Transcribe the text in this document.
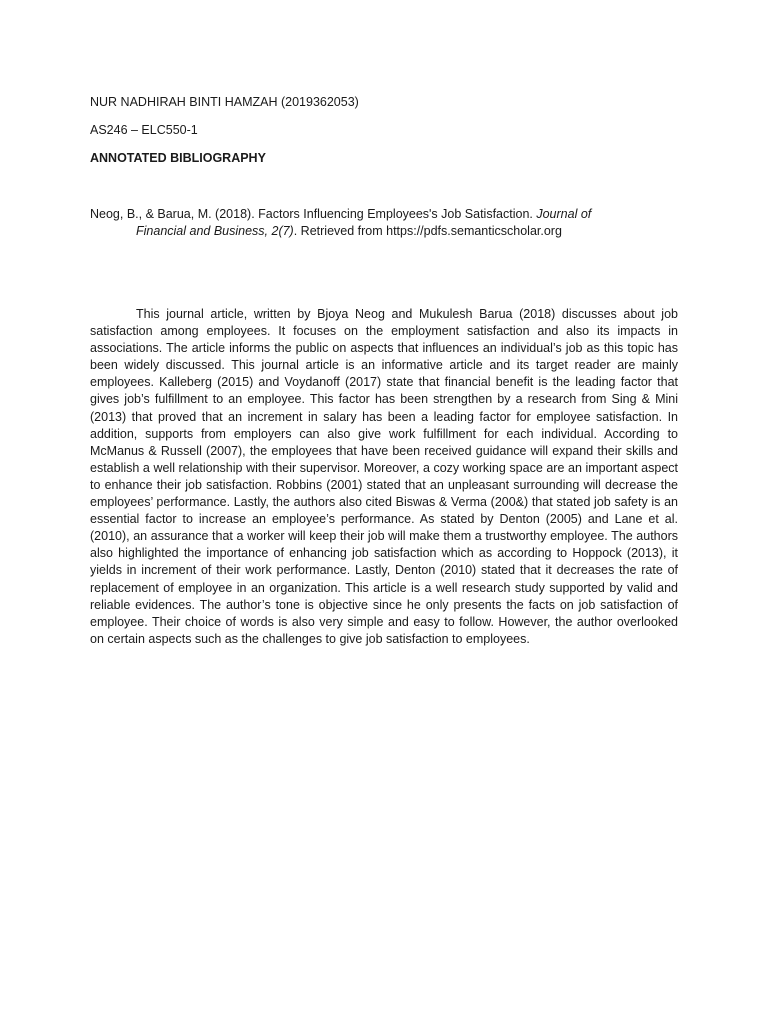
NUR NADHIRAH BINTI HAMZAH (2019362053)
AS246 – ELC550-1
ANNOTATED BIBLIOGRAPHY
Neog, B., & Barua, M. (2018). Factors Influencing Employees's Job Satisfaction. Journal of
Financial and Business, 2(7). Retrieved from https://pdfs.semanticscholar.org

This journal article, written by Bjoya Neog and Mukulesh Barua (2018) discusses about job satisfaction among employees. It focuses on the employment satisfaction and also its impacts in associations. The article informs the public on aspects that influences an individual’s job as this topic has been widely discussed. This journal article is an informative article and its target reader are mainly employees. Kalleberg (2015) and Voydanoff (2017) state that financial benefit is the leading factor that gives job’s fulfillment to an employee. This factor has been strengthen by a research from Sing & Mini (2013) that proved that an increment in salary has been a leading factor for employee satisfaction. In addition, supports from employers can also give work fulfillment for each individual. According to McManus & Russell (2007), the employees that have been received guidance will expand their skills and establish a well relationship with their supervisor. Moreover, a cozy working space are an important aspect to enhance their job satisfaction. Robbins (2001) stated that an unpleasant surrounding will decrease the employees’ performance. Lastly, the authors also cited Biswas & Verma (200&) that stated job safety is an essential factor to increase an employee’s performance. As stated by Denton (2005) and Lane et al. (2010), an assurance that a worker will keep their job will make them a trustworthy employee. The authors also highlighted the importance of enhancing job satisfaction which as according to Hoppock (2013), it yields in increment of their work performance. Lastly, Denton (2010) stated that it decreases the rate of replacement of employee in an organization. This article is a well research study supported by valid and reliable evidences. The author’s tone is objective since he only presents the facts on job satisfaction of employee. Their choice of words is also very simple and easy to follow. However, the author overlooked on certain aspects such as the challenges to give job satisfaction to employees.
